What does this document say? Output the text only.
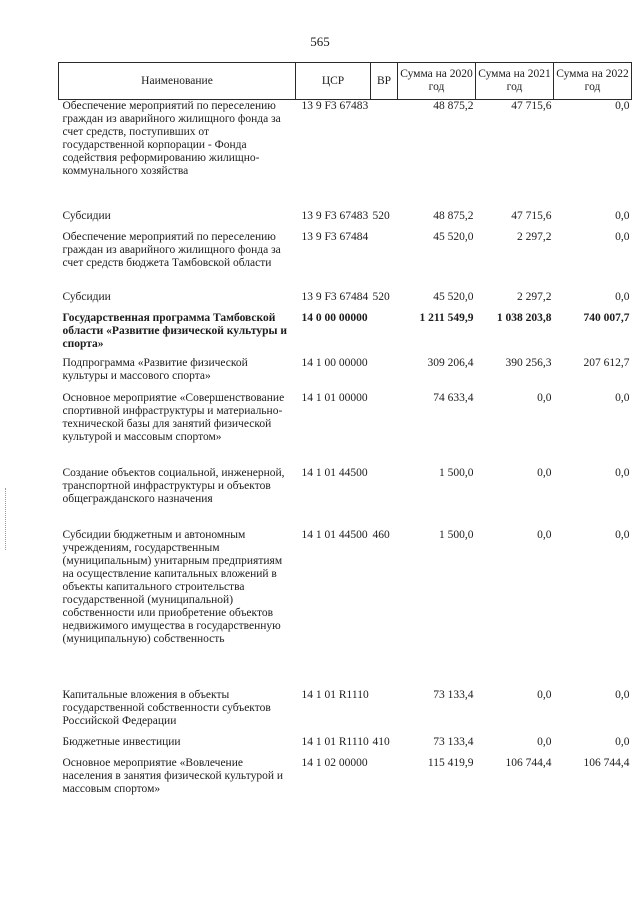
565
Наименование	ЦСР	ВР	Сумма на 2020 год	Сумма на 2021 год	Сумма на 2022 год
Обеспечение мероприятий по переселению граждан из аварийного жилищного фонда за счет средств, поступивших от государственной корпорации - Фонда содействия реформированию жилищно-коммунального хозяйства	13 9 F3 67483		48 875,2	47 715,6	0,0
Субсидии	13 9 F3 67483	520	48 875,2	47 715,6	0,0
Обеспечение мероприятий по переселению граждан из аварийного жилищного фонда за счет средств бюджета Тамбовской области	13 9 F3 67484		45 520,0	2 297,2	0,0
Субсидии	13 9 F3 67484	520	45 520,0	2 297,2	0,0
Государственная программа Тамбовской области «Развитие физической культуры и спорта»	14 0 00 00000		1 211 549,9	1 038 203,8	740 007,7
Подпрограмма «Развитие физической культуры и массового спорта»	14 1 00 00000		309 206,4	390 256,3	207 612,7
Основное мероприятие «Совершенствование спортивной инфраструктуры и материально-технической базы для занятий физической культурой и массовым спортом»	14 1 01 00000		74 633,4	0,0	0,0
Создание объектов социальной, инженерной, транспортной инфраструктуры и объектов общегражданского назначения	14 1 01 44500		1 500,0	0,0	0,0
Субсидии бюджетным и автономным учреждениям, государственным (муниципальным) унитарным предприятиям на осуществление капитальных вложений в объекты капитального строительства государственной (муниципальной) собственности или приобретение объектов недвижимого имущества в государственную (муниципальную) собственность	14 1 01 44500	460	1 500,0	0,0	0,0
Капитальные вложения в объекты государственной собственности субъектов Российской Федерации	14 1 01 R1110		73 133,4	0,0	0,0
Бюджетные инвестиции	14 1 01 R1110	410	73 133,4	0,0	0,0
Основное мероприятие «Вовлечение населения в занятия физической культурой и массовым спортом»	14 1 02 00000		115 419,9	106 744,4	106 744,4
